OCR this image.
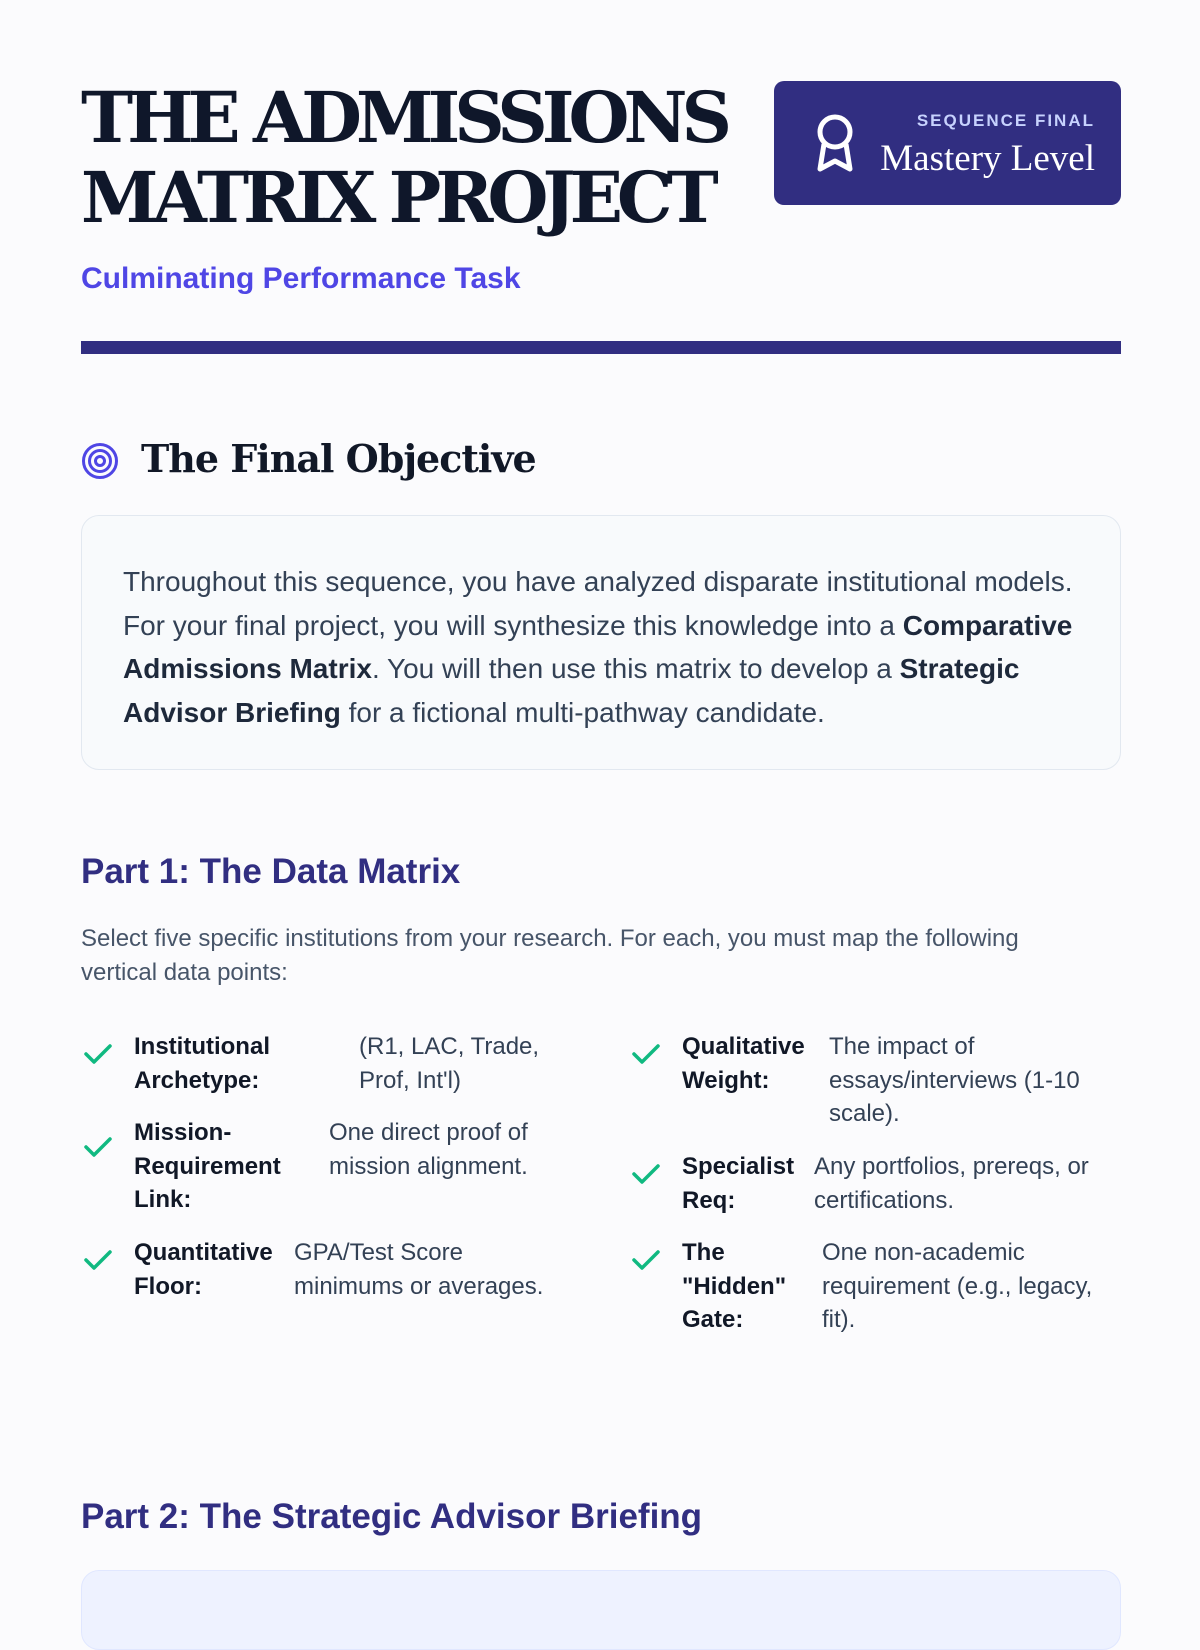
THE ADMISSIONS
MATRIX PROJECT
Culminating Performance Task
SEQUENCE FINAL
Mastery Level
The Final Objective
Throughout this sequence, you have analyzed disparate institutional models. For your final project, you will synthesize this knowledge into a Comparative Admissions Matrix. You will then use this matrix to develop a Strategic Advisor Briefing for a fictional multi-pathway candidate.
Part 1: The Data Matrix
Select five specific institutions from your research. For each, you must map the following vertical data points:
Institutional Archetype:
(R1, LAC, Trade, Prof, Int'l)
Mission-Requirement Link:
One direct proof of mission alignment.
Quantitative Floor:
GPA/Test Score minimums or averages.
Qualitative Weight:
The impact of essays/interviews (1-10 scale).
Specialist Req:
Any portfolios, prereqs, or certifications.
The "Hidden" Gate:
One non-academic requirement (e.g., legacy, fit).
Part 2: The Strategic Advisor Briefing
